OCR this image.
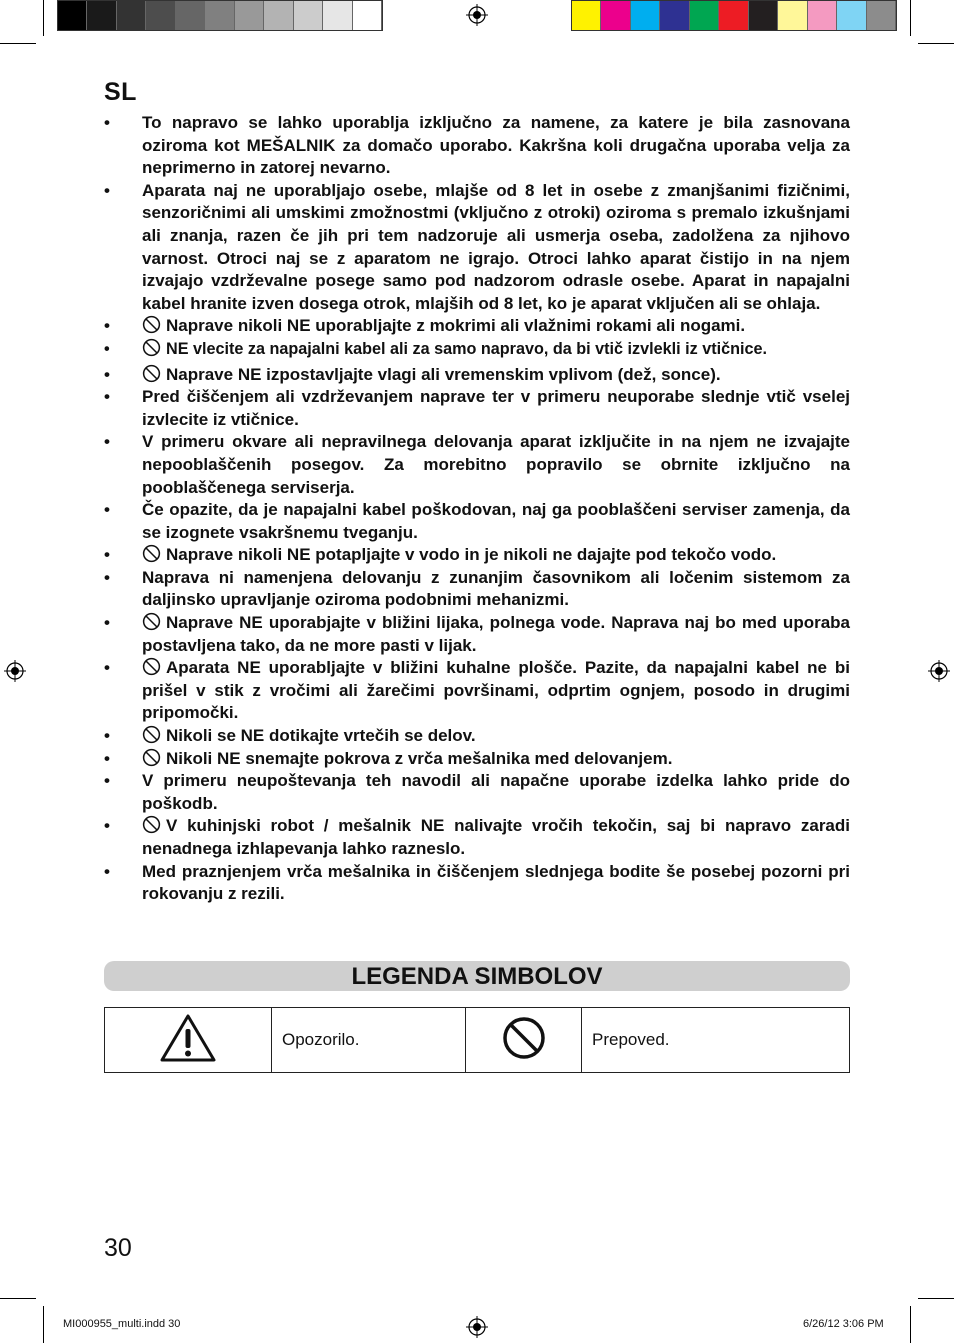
SL
• To napravo se lahko uporablja izključno za namene, za katere je bila zasnovana oziroma kot MEŠALNIK za domačo uporabo. Kakršna koli drugačna uporaba velja za neprimerno in zatorej nevarno.
• Aparata naj ne uporabljajo osebe, mlajše od 8 let in osebe z zmanjšanimi fizičnimi, senzoričnimi ali umskimi zmožnostmi (vključno z otroki) oziroma s premalo izkušnjami ali znanja, razen če jih pri tem nadzoruje ali usmerja oseba, zadolžena za njihovo varnost. Otroci naj se z aparatom ne igrajo. Otroci lahko aparat čistijo in na njem izvajajo vzdrževalne posege samo pod nadzorom odrasle osebe. Aparat in napajalni kabel hranite izven dosega otrok, mlajših od 8 let, ko je aparat vključen ali se ohlaja.
•	Naprave nikoli NE uporabljajte z mokrimi ali vlažnimi rokami ali nogami.
•	NE vlecite za napajalni kabel ali za samo napravo, da bi vtič izvlekli iz vtičnice.
•	Naprave NE izpostavljajte vlagi ali vremenskim vplivom (dež, sonce).
• Pred čiščenjem ali vzdrževanjem naprave ter v primeru neuporabe slednje vtič vselej izvlecite iz vtičnice.
• V primeru okvare ali nepravilnega delovanja aparat izključite in na njem ne izvajajte nepooblaščenih posegov. Za morebitno popravilo se obrnite izključno na pooblaščenega serviserja.
• Če opazite, da je napajalni kabel poškodovan, naj ga pooblaščeni serviser zamenja, da se izognete vsakršnemu tveganju.
•	Naprave nikoli NE potapljajte v vodo in je nikoli ne dajajte pod tekočo vodo.
• Naprava ni namenjena delovanju z zunanjim časovnikom ali ločenim sistemom za daljinsko upravljanje oziroma podobnimi mehanizmi.
•	Naprave NE uporabjajte v bližini lijaka, polnega vode. Naprava naj bo med uporaba postavljena tako, da ne more pasti v lijak.
•	Aparata NE uporabljajte v bližini kuhalne plošče. Pazite, da napajalni kabel ne bi prišel v stik z vročimi ali žarečimi površinami, odprtim ognjem, posodo in drugimi pripomočki.
•	Nikoli se NE dotikajte vrtečih se delov.
•	Nikoli NE snemajte pokrova z vrča mešalnika med delovanjem.
• V primeru neupoštevanja teh navodil ali napačne uporabe izdelka lahko pride do poškodb.
•	V kuhinjski robot / mešalnik NE nalivajte vročih tekočin, saj bi napravo zaradi nenadnega izhlapevanja lahko razneslo.
• Med praznjenjem vrča mešalnika in čiščenjem slednjega bodite še posebej pozorni pri rokovanju z rezili.
LEGENDA SIMBOLOV
	Opozorilo.		Prepoved.
30
MI000955_multi.indd 30	6/26/12 3:06 PM
